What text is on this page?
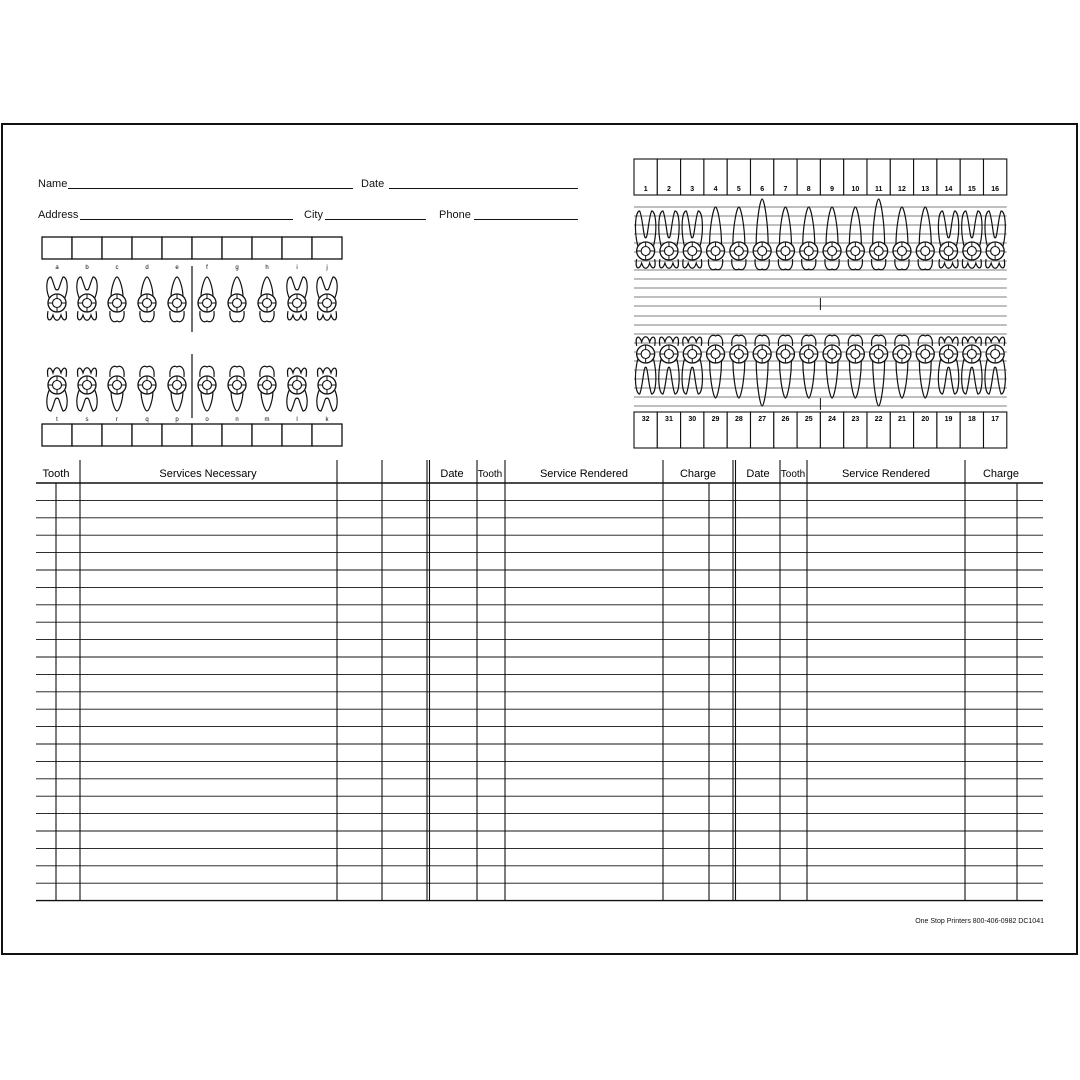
Name	Date
Address	City	Phone
a	b	c	d	e	f	g	h	i	j
t	s	r	q	p	o	n	m	l	k
1	2	3	4	5	6	7	8	9 10 11 12 13 14 15 16
32 31 30 29 28 27 26 25 24 23 22 21 20 19 18 17
Tooth	Services Necessary	Date Tooth	Service Rendered	Charge	Date Tooth	Service Rendered	Charge
One Stop Printers 800-406-0982 DC1041
